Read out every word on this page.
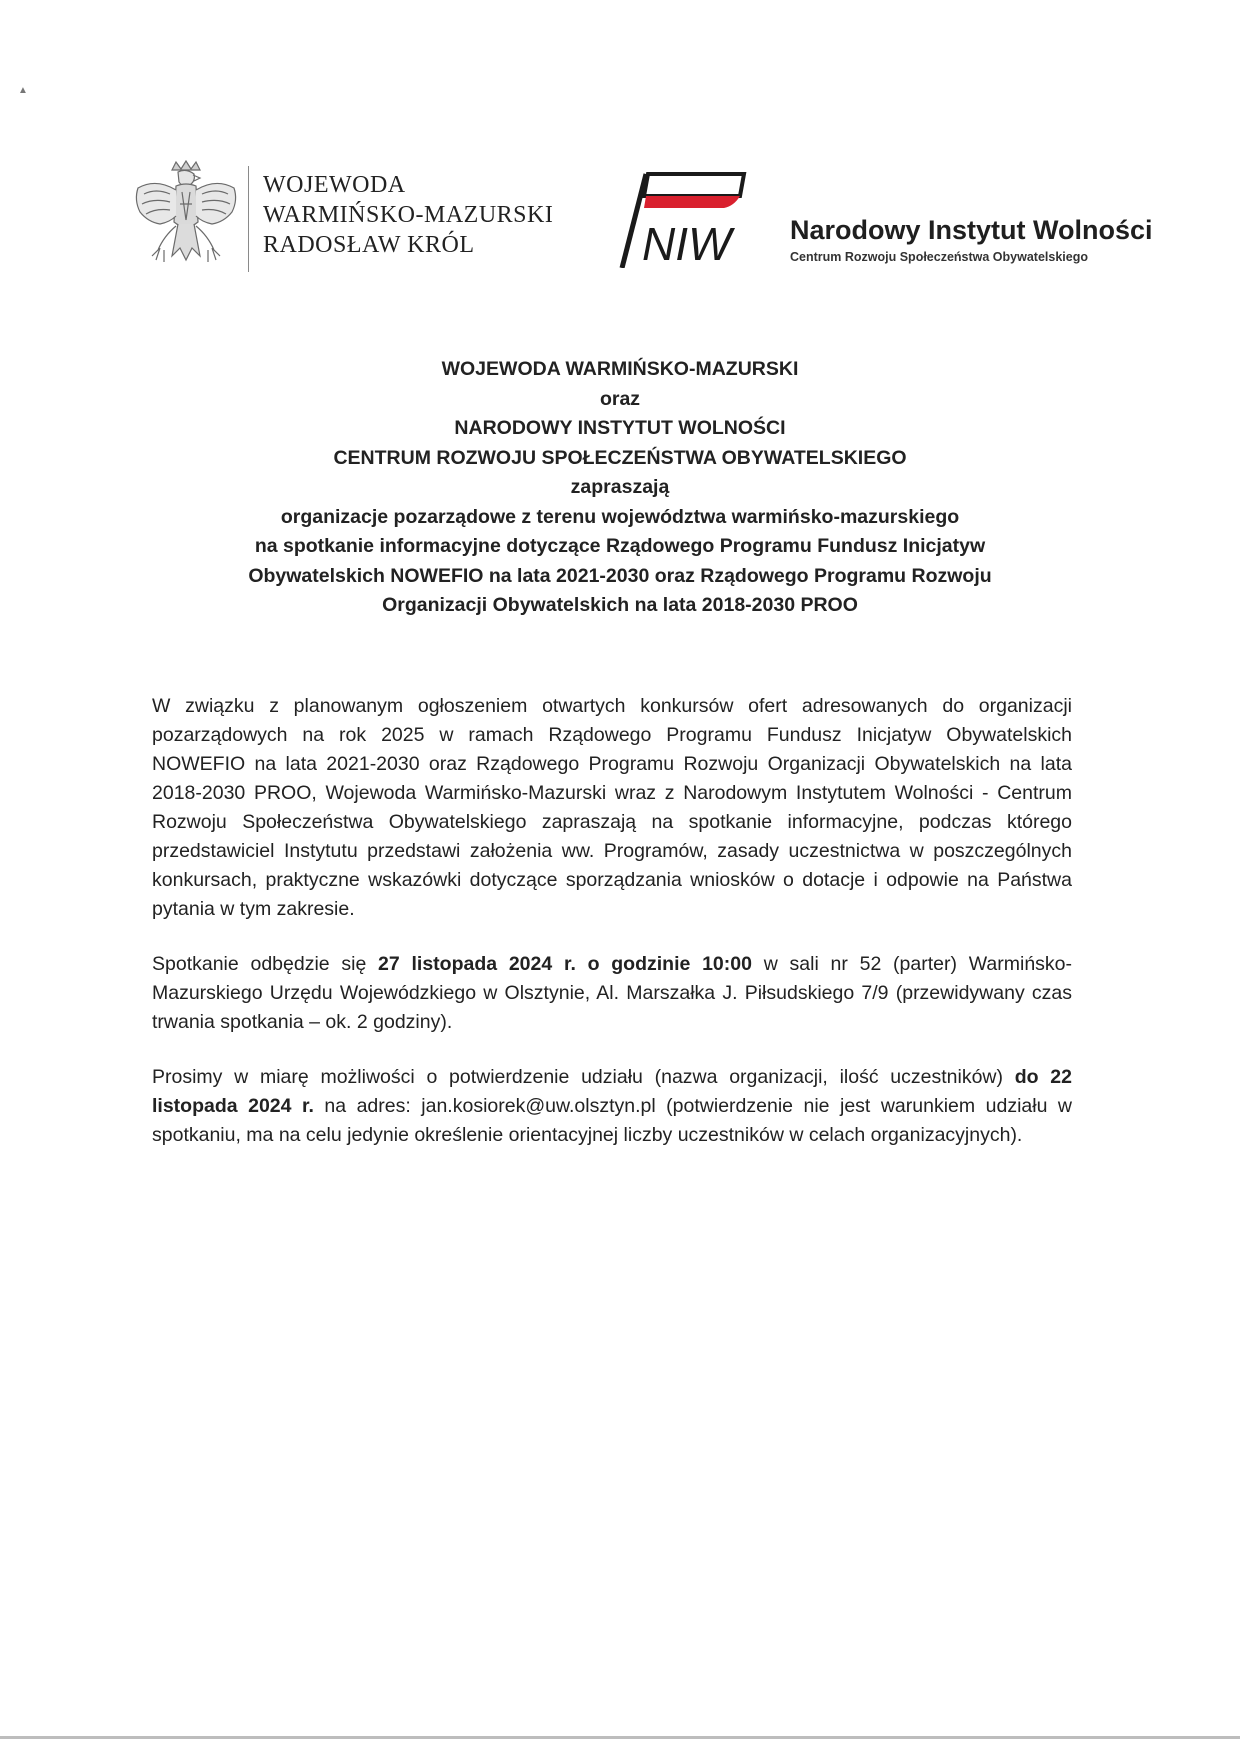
▲
WOJEWODA
WARMIŃSKO-MAZURSKI
RADOSŁAW KRÓL	NIW Narodowy Instytut Wolności
Centrum Rozwoju Społeczeństwa Obywatelskiego
WOJEWODA WARMIŃSKO-MAZURSKI
oraz
NARODOWY INSTYTUT WOLNOŚCI
CENTRUM ROZWOJU SPOŁECZEŃSTWA OBYWATELSKIEGO
zapraszają
organizacje pozarządowe z terenu województwa warmińsko-mazurskiego
na spotkanie informacyjne dotyczące Rządowego Programu Fundusz Inicjatyw
Obywatelskich NOWEFIO na lata 2021-2030 oraz Rządowego Programu Rozwoju
Organizacji Obywatelskich na lata 2018-2030 PROO

W związku z planowanym ogłoszeniem otwartych konkursów ofert adresowanych do organizacji pozarządowych na rok 2025 w ramach Rządowego Programu Fundusz Inicjatyw Obywatelskich NOWEFIO na lata 2021-2030 oraz Rządowego Programu Rozwoju Organizacji Obywatelskich na lata 2018-2030 PROO, Wojewoda Warmińsko-Mazurski wraz z Narodowym Instytutem Wolności - Centrum Rozwoju Społeczeństwa Obywatelskiego zapraszają na spotkanie informacyjne, podczas którego przedstawiciel Instytutu przedstawi założenia ww. Programów, zasady uczestnictwa w poszczególnych konkursach, praktyczne wskazówki dotyczące sporządzania wniosków o dotacje i odpowie na Państwa pytania w tym zakresie.

Spotkanie odbędzie się 27 listopada 2024 r. o godzinie 10:00 w sali nr 52 (parter) Warmińsko-Mazurskiego Urzędu Wojewódzkiego w Olsztynie, Al. Marszałka J. Piłsudskiego 7/9 (przewidywany czas trwania spotkania – ok. 2 godziny).

Prosimy w miarę możliwości o potwierdzenie udziału (nazwa organizacji, ilość uczestników) do 22 listopada 2024 r. na adres: jan.kosiorek@uw.olsztyn.pl (potwierdzenie nie jest warunkiem udziału w spotkaniu, ma na celu jedynie określenie orientacyjnej liczby uczestników w celach organizacyjnych).
